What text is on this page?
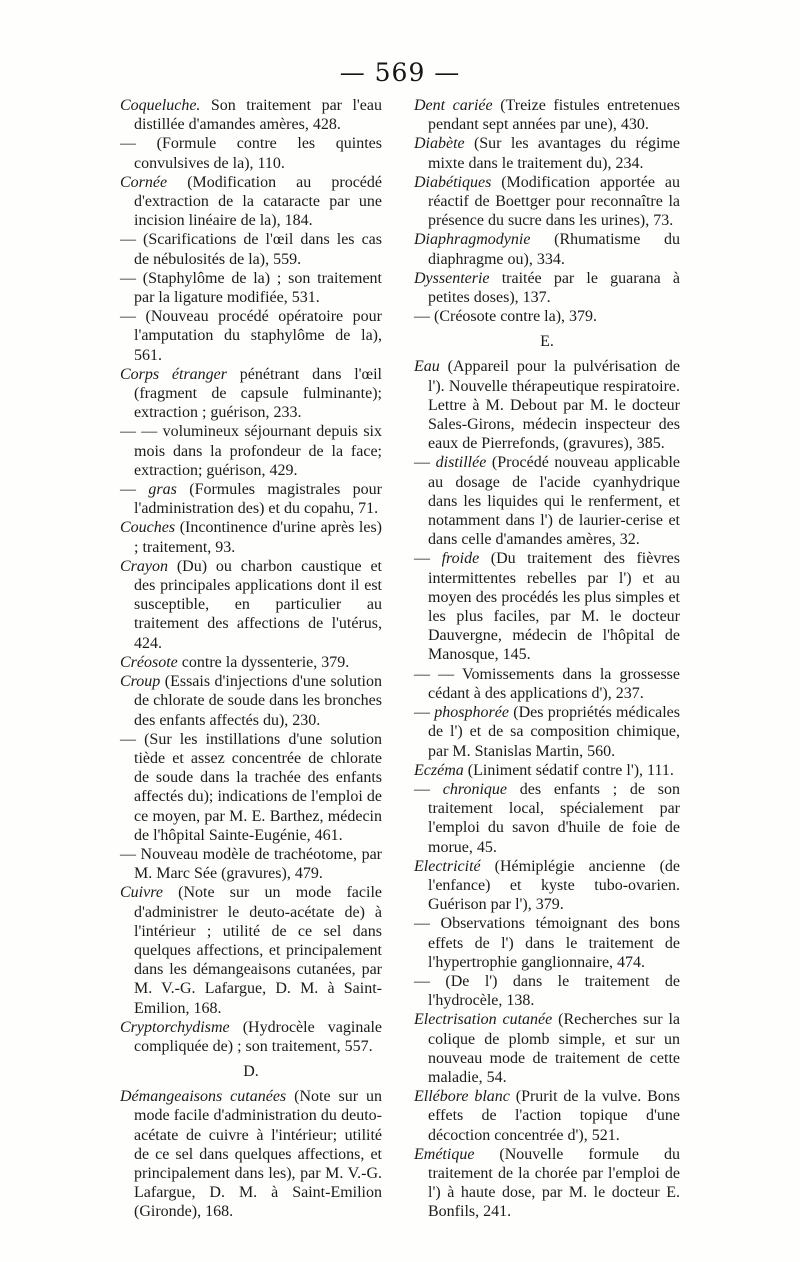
— 569 —

Coqueluche. Son traitement par l'eau distillée d'amandes amères, 428.

— (Formule contre les quintes convulsives de la), 110.

Cornée (Modification au procédé d'extraction de la cataracte par une incision linéaire de la), 184.

— (Scarifications de l'œil dans les cas de nébulosités de la), 559.

— (Staphylôme de la) ; son traitement par la ligature modifiée, 531.

— (Nouveau procédé opératoire pour l'amputation du staphylôme de la), 561.

Corps étranger pénétrant dans l'œil (fragment de capsule fulminante); extraction ; guérison, 233.

— — volumineux séjournant depuis six mois dans la profondeur de la face; extraction; guérison, 429.

— gras (Formules magistrales pour l'administration des) et du copahu, 71.

Couches (Incontinence d'urine après les) ; traitement, 93.

Crayon (Du) ou charbon caustique et des principales applications dont il est susceptible, en particulier au traitement des affections de l'utérus, 424.

Créosote contre la dyssenterie, 379.

Croup (Essais d'injections d'une solution de chlorate de soude dans les bronches des enfants affectés du), 230.

— (Sur les instillations d'une solution tiède et assez concentrée de chlorate de soude dans la trachée des enfants affectés du); indications de l'emploi de ce moyen, par M. E. Barthez, médecin de l'hôpital Sainte-Eugénie, 461.

— Nouveau modèle de trachéotome, par M. Marc Sée (gravures), 479.

Cuivre (Note sur un mode facile d'administrer le deuto-acétate de) à l'intérieur ; utilité de ce sel dans quelques affections, et principalement dans les démangeaisons cutanées, par M. V.-G. Lafargue, D. M. à Saint-Emilion, 168.

Cryptorchydisme (Hydrocèle vaginale compliquée de) ; son traitement, 557.

D.

Démangeaisons cutanées (Note sur un mode facile d'administration du deuto-acétate de cuivre à l'intérieur; utilité de ce sel dans quelques affections, et principalement dans les), par M. V.-G. Lafargue, D. M. à Saint-Emilion (Gironde), 168.

Dent cariée (Treize fistules entretenues pendant sept années par une), 430.

Diabète (Sur les avantages du régime mixte dans le traitement du), 234.

Diabétiques (Modification apportée au réactif de Boettger pour reconnaître la présence du sucre dans les urines), 73.

Diaphragmodynie (Rhumatisme du diaphragme ou), 334.

Dyssenterie traitée par le guarana à petites doses), 137.

— (Créosote contre la), 379.

E.

Eau (Appareil pour la pulvérisation de l'). Nouvelle thérapeutique respiratoire. Lettre à M. Debout par M. le docteur Sales-Girons, médecin inspecteur des eaux de Pierrefonds, (gravures), 385.

— distillée (Procédé nouveau applicable au dosage de l'acide cyanhydrique dans les liquides qui le renferment, et notamment dans l') de laurier-cerise et dans celle d'amandes amères, 32.

— froide (Du traitement des fièvres intermittentes rebelles par l') et au moyen des procédés les plus simples et les plus faciles, par M. le docteur Dauvergne, médecin de l'hôpital de Manosque, 145.

— — Vomissements dans la grossesse cédant à des applications d'), 237.

— phosphorée (Des propriétés médicales de l') et de sa composition chimique, par M. Stanislas Martin, 560.

Eczéma (Liniment sédatif contre l'), 111.

— chronique des enfants ; de son traitement local, spécialement par l'emploi du savon d'huile de foie de morue, 45.

Electricité (Hémiplégie ancienne (de l'enfance) et kyste tubo-ovarien. Guérison par l'), 379.

— Observations témoignant des bons effets de l') dans le traitement de l'hypertrophie ganglionnaire, 474.

— (De l') dans le traitement de l'hydrocèle, 138.

Electrisation cutanée (Recherches sur la colique de plomb simple, et sur un nouveau mode de traitement de cette maladie, 54.

Ellébore blanc (Prurit de la vulve. Bons effets de l'action topique d'une décoction concentrée d'), 521.

Emétique (Nouvelle formule du traitement de la chorée par l'emploi de l') à haute dose, par M. le docteur E. Bonfils, 241.
